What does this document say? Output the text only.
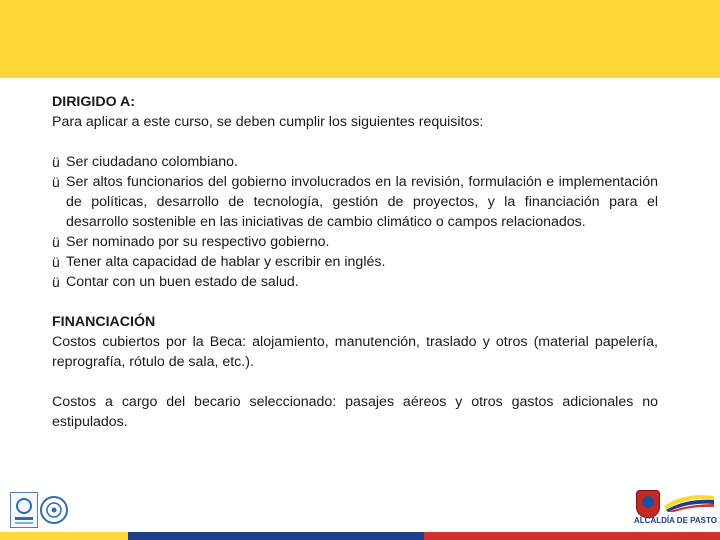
DIRIGIDO A:

Para aplicar a este curso, se deben cumplir los siguientes requisitos:

ü Ser ciudadano colombiano.
ü Ser altos funcionarios del gobierno involucrados en la revisión, formulación e implementación de políticas, desarrollo de tecnología, gestión de proyectos, y la financiación para el desarrollo sostenible en las iniciativas de cambio climático o campos relacionados.
ü Ser nominado por su respectivo gobierno.
ü Tener alta capacidad de hablar y escribir en inglés.
ü Contar con un buen estado de salud.

FINANCIACIÓN

Costos cubiertos por la Beca: alojamiento, manutención, traslado y otros (material papelería, reprografía, rótulo de sala, etc.).

Costos a cargo del becario seleccionado: pasajes aéreos y otros gastos adicionales no estipulados.

ALCALDÍA DE PASTO
